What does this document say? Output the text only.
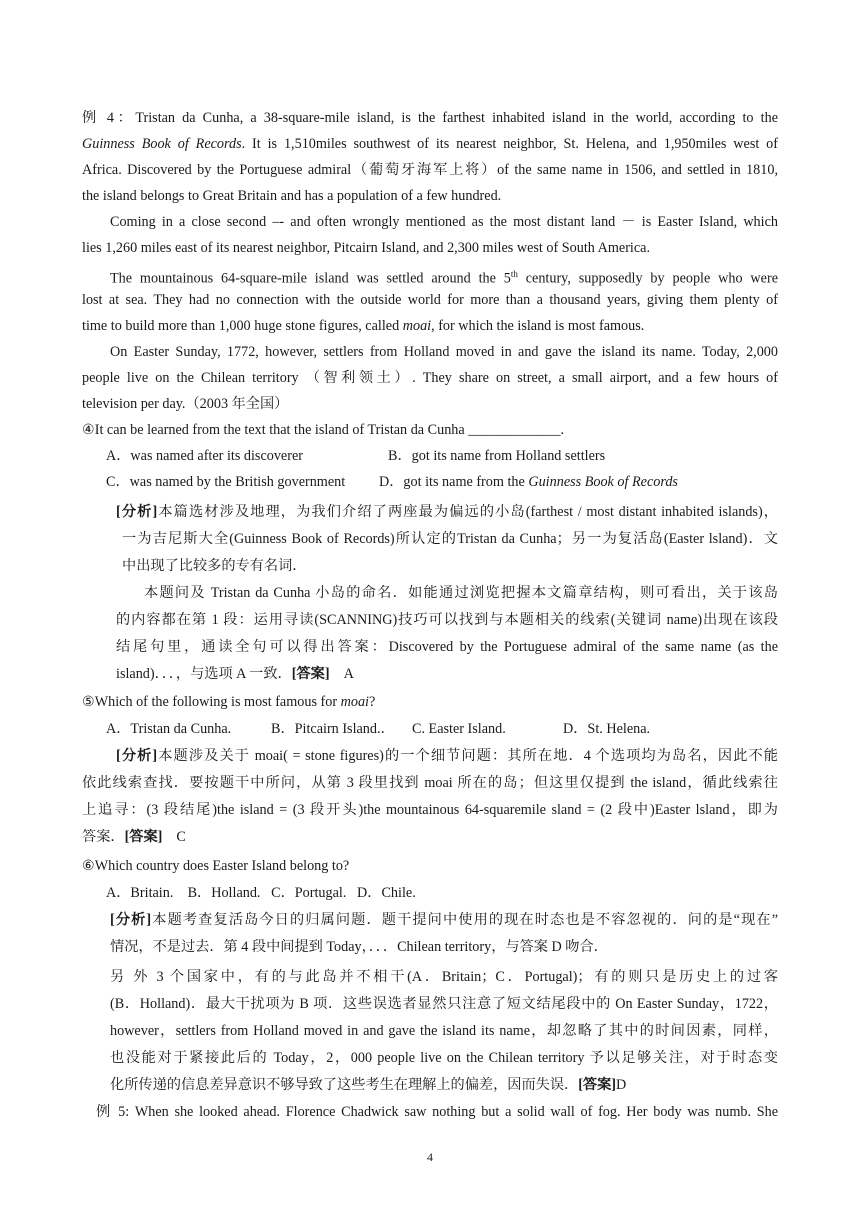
例 4：Tristan da Cunha, a 38-square-mile island, is the farthest inhabited island in the world, according to the
Guinness Book of Records. It is 1,510miles southwest of its nearest neighbor, St. Helena, and 1,950miles west of
Africa. Discovered by the Portuguese admiral（葡萄牙海军上将）of the same name in 1506, and settled in 1810,
the island belongs to Great Britain and has a population of a few hundred.
Coming in a close second –- and often wrongly mentioned as the most distant land － is Easter Island, which
lies 1,260 miles east of its nearest neighbor, Pitcairn Island, and 2,300 miles west of South America.
The mountainous 64-square-mile island was settled around the 5th century, supposedly by people who were
lost at sea. They had no connection with the outside world for more than a thousand years, giving them plenty of
time to build more than 1,000 huge stone figures, called moai, for which the island is most famous.
On Easter Sunday, 1772, however, settlers from Holland moved in and gave the island its name. Today, 2,000
people live on the Chilean territory （智利领土）. They share on street, a small airport, and a few hours of
television per day.（2003 年全国）
④It can be learned from the text that the island of Tristan da Cunha _____________.
A．was named after its discoverer	B．got its name from Holland settlers
C．was named by the British government D．got its name from the Guinness Book of Records
[分析]本篇选材涉及地理，为我们介绍了两座最为偏远的小岛(farthest / most distant inhabited islands)，
一为吉尼斯大全(Guinness Book of Records)所认定的Tristan da Cunha；另一为复活岛(Easter lsland)．文
中出现了比较多的专有名词．
本题问及 Tristan da Cunha 小岛的命名．如能通过浏览把握本文篇章结构，则可看出，关于该岛
的内容都在第 1 段：运用寻读(SCANNING)技巧可以找到与本题相关的线索(关键词 name)出现在该段
结尾句里，通读全句可以得出答案：Discovered by the Portuguese admiral of the same name (as the
island)．．．，与选项 A 一致．[答案] A
⑤Which of the following is most famous for moai?
A．Tristan da Cunha.	B．Pitcairn Island.． C. Easter Island.	D．St. Helena.
[分析]本题涉及关于 moai( = stone figures)的一个细节问题：其所在地．4 个选项均为岛名，因此不能
依此线索查找．要按题干中所问，从第 3 段里找到 moai 所在的岛；但这里仅提到 the island，循此线索往
上追寻：(3 段结尾)the island = (3 段开头)the mountainous 64-squaremile sland = (2 段中)Easter lsland，即为
答案．[答案] C
⑥Which country does Easter Island belong to?
A．Britain.    B．Holland.   C．Portugal.   D．Chile.
[分析]本题考查复活岛今日的归属问题．题干提问中使用的现在时态也是不容忽视的．问的是“现在”
情况，不是过去．第 4 段中间提到 Today，．．．Chilean territory，与答案 D 吻合．
另 外 3 个国家中，有的与此岛并不相干(A．Britain；C．Portugal)；有的则只是历史上的过客
(B．Holland)．最大干扰项为 B 项．这些误选者显然只注意了短文结尾段中的 On Easter Sunday，1722，
however，settlers from Holland moved in and gave the island its name，却忽略了其中的时间因素，同样，
也没能对于紧接此后的 Today，2，000 people live on the Chilean territory 予以足够关注，对于时态变
化所传递的信息差异意识不够导致了这些考生在理解上的偏差，因而失误．[答案]D
例 5: When she looked ahead. Florence Chadwick saw nothing but a solid wall of fog. Her body was numb. She
4
